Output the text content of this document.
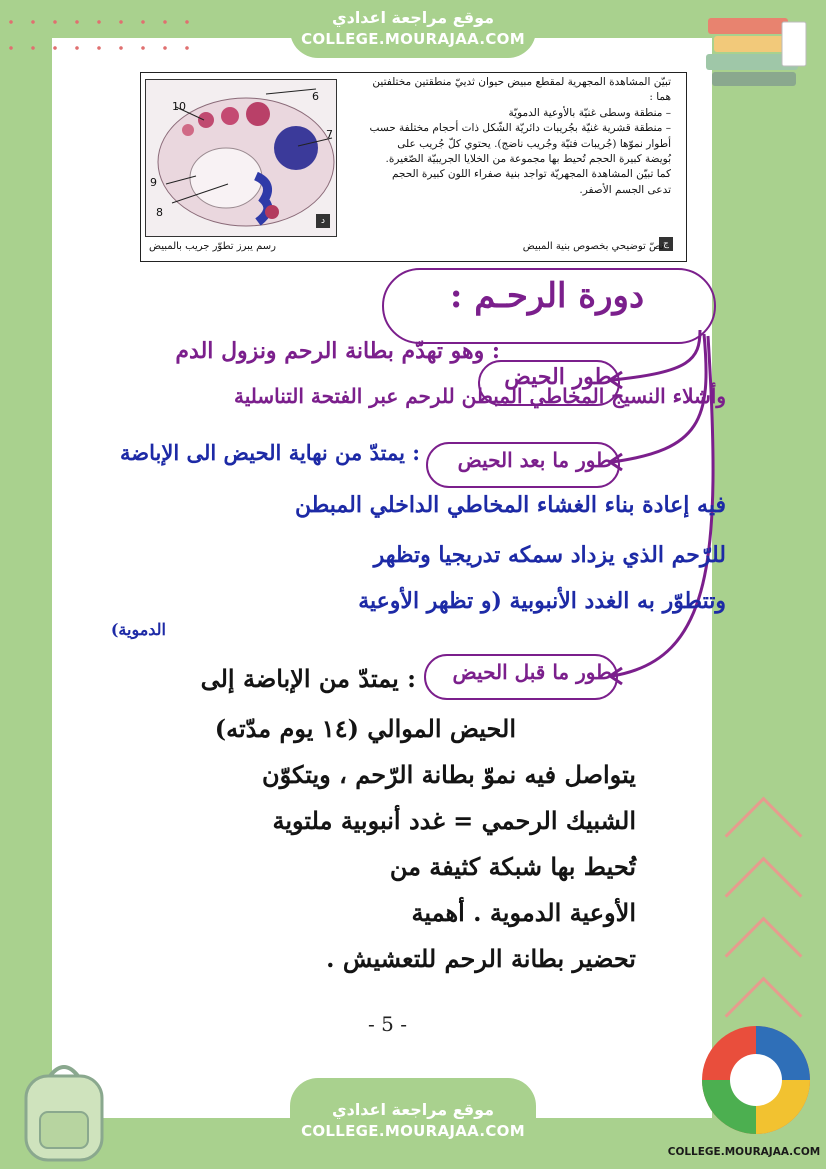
موقع مراجعة اعدادي
COLLEGE.MOURAJAA.COM
10
6
7
9
8
د
تبيّن المشاهدة المجهرية لمقطع مبيض حيوان ثدييّ منطقتين مختلفتين
هما :
– منطقة وسطى غنيّة بالأوعية الدمويّة
– منطقة قشرية غنيّة بجُريبات دائريّة الشّكل ذات أحجام مختلفة حسب
أطوار نموّها (جُريبات فتيّة وجُريب ناضج). يحتوي كلّ جُريب على
بُويضة كبيرة الحجم تُحيط بها مجموعة من الخلايا الجريبيّة الصّغيرة.
كما تبيّن المشاهدة المجهريّة تواجد بنية صفراء اللون كبيرة الحجم
تدعى الجسم الأصفر.
ج
رسم يبرز تطوّر جريب بالمبيض	نصّ توضيحي بخصوص بنية المبيض
دورة الرحـم :
طور الحيض
: وهو تهدّم بطانة الرحم ونزول الدم
وأشلاء النسيج المخاطي المبطن للرحم عبر الفتحة التناسلية
طور ما بعد الحيض
: يمتدّ من نهاية الحيض الى الإباضة
فيه إعادة بناء الغشاء المخاطي الداخلي المبطن
للرّحم الذي يزداد سمكه تدريجيا وتظهر
وتتطوّر به الغدد الأنبوبية (و تظهر الأوعية
الدموية)
طور ما قبل الحيض
: يمتدّ من الإباضة إلى
الحيض الموالي (١٤ يوم مدّته)
يتواصل فيه نموّ بطانة الرّحم ، ويتكوّن
الشبيك الرحمي = غدد أنبوبية ملتوية
تُحيط بها شبكة كثيفة من
الأوعية الدموية . أهمية
تحضير بطانة الرحم للتعشيش .
- 5 -
موقع مراجعة اعدادي
COLLEGE.MOURAJAA.COM
COLLEGE.MOURAJAA.COM
